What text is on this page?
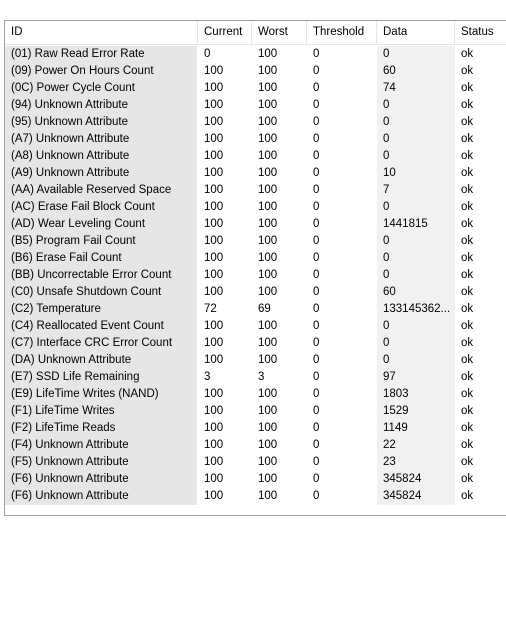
ID	Current	Worst	Threshold	Data	Status
(01) Raw Read Error Rate	0	100	0	0	ok
(09) Power On Hours Count	100	100	0	60	ok
(0C) Power Cycle Count	100	100	0	74	ok
(94) Unknown Attribute	100	100	0	0	ok
(95) Unknown Attribute	100	100	0	0	ok
(A7) Unknown Attribute	100	100	0	0	ok
(A8) Unknown Attribute	100	100	0	0	ok
(A9) Unknown Attribute	100	100	0	10	ok
(AA) Available Reserved Space	100	100	0	7	ok
(AC) Erase Fail Block Count	100	100	0	0	ok
(AD) Wear Leveling Count	100	100	0	1441815	ok
(B5) Program Fail Count	100	100	0	0	ok
(B6) Erase Fail Count	100	100	0	0	ok
(BB) Uncorrectable Error Count	100	100	0	0	ok
(C0) Unsafe Shutdown Count	100	100	0	60	ok
(C2) Temperature	72	69	0	133145362... ok
(C4) Reallocated Event Count	100	100	0	0	ok
(C7) Interface CRC Error Count	100	100	0	0	ok
(DA) Unknown Attribute	100	100	0	0	ok
(E7) SSD Life Remaining	3	3	0	97	ok
(E9) LifeTime Writes (NAND)	100	100	0	1803	ok
(F1) LifeTime Writes	100	100	0	1529	ok
(F2) LifeTime Reads	100	100	0	1149	ok
(F4) Unknown Attribute	100	100	0	22	ok
(F5) Unknown Attribute	100	100	0	23	ok
(F6) Unknown Attribute	100	100	0	345824	ok
(F6) Unknown Attribute	100	100	0	345824	ok
